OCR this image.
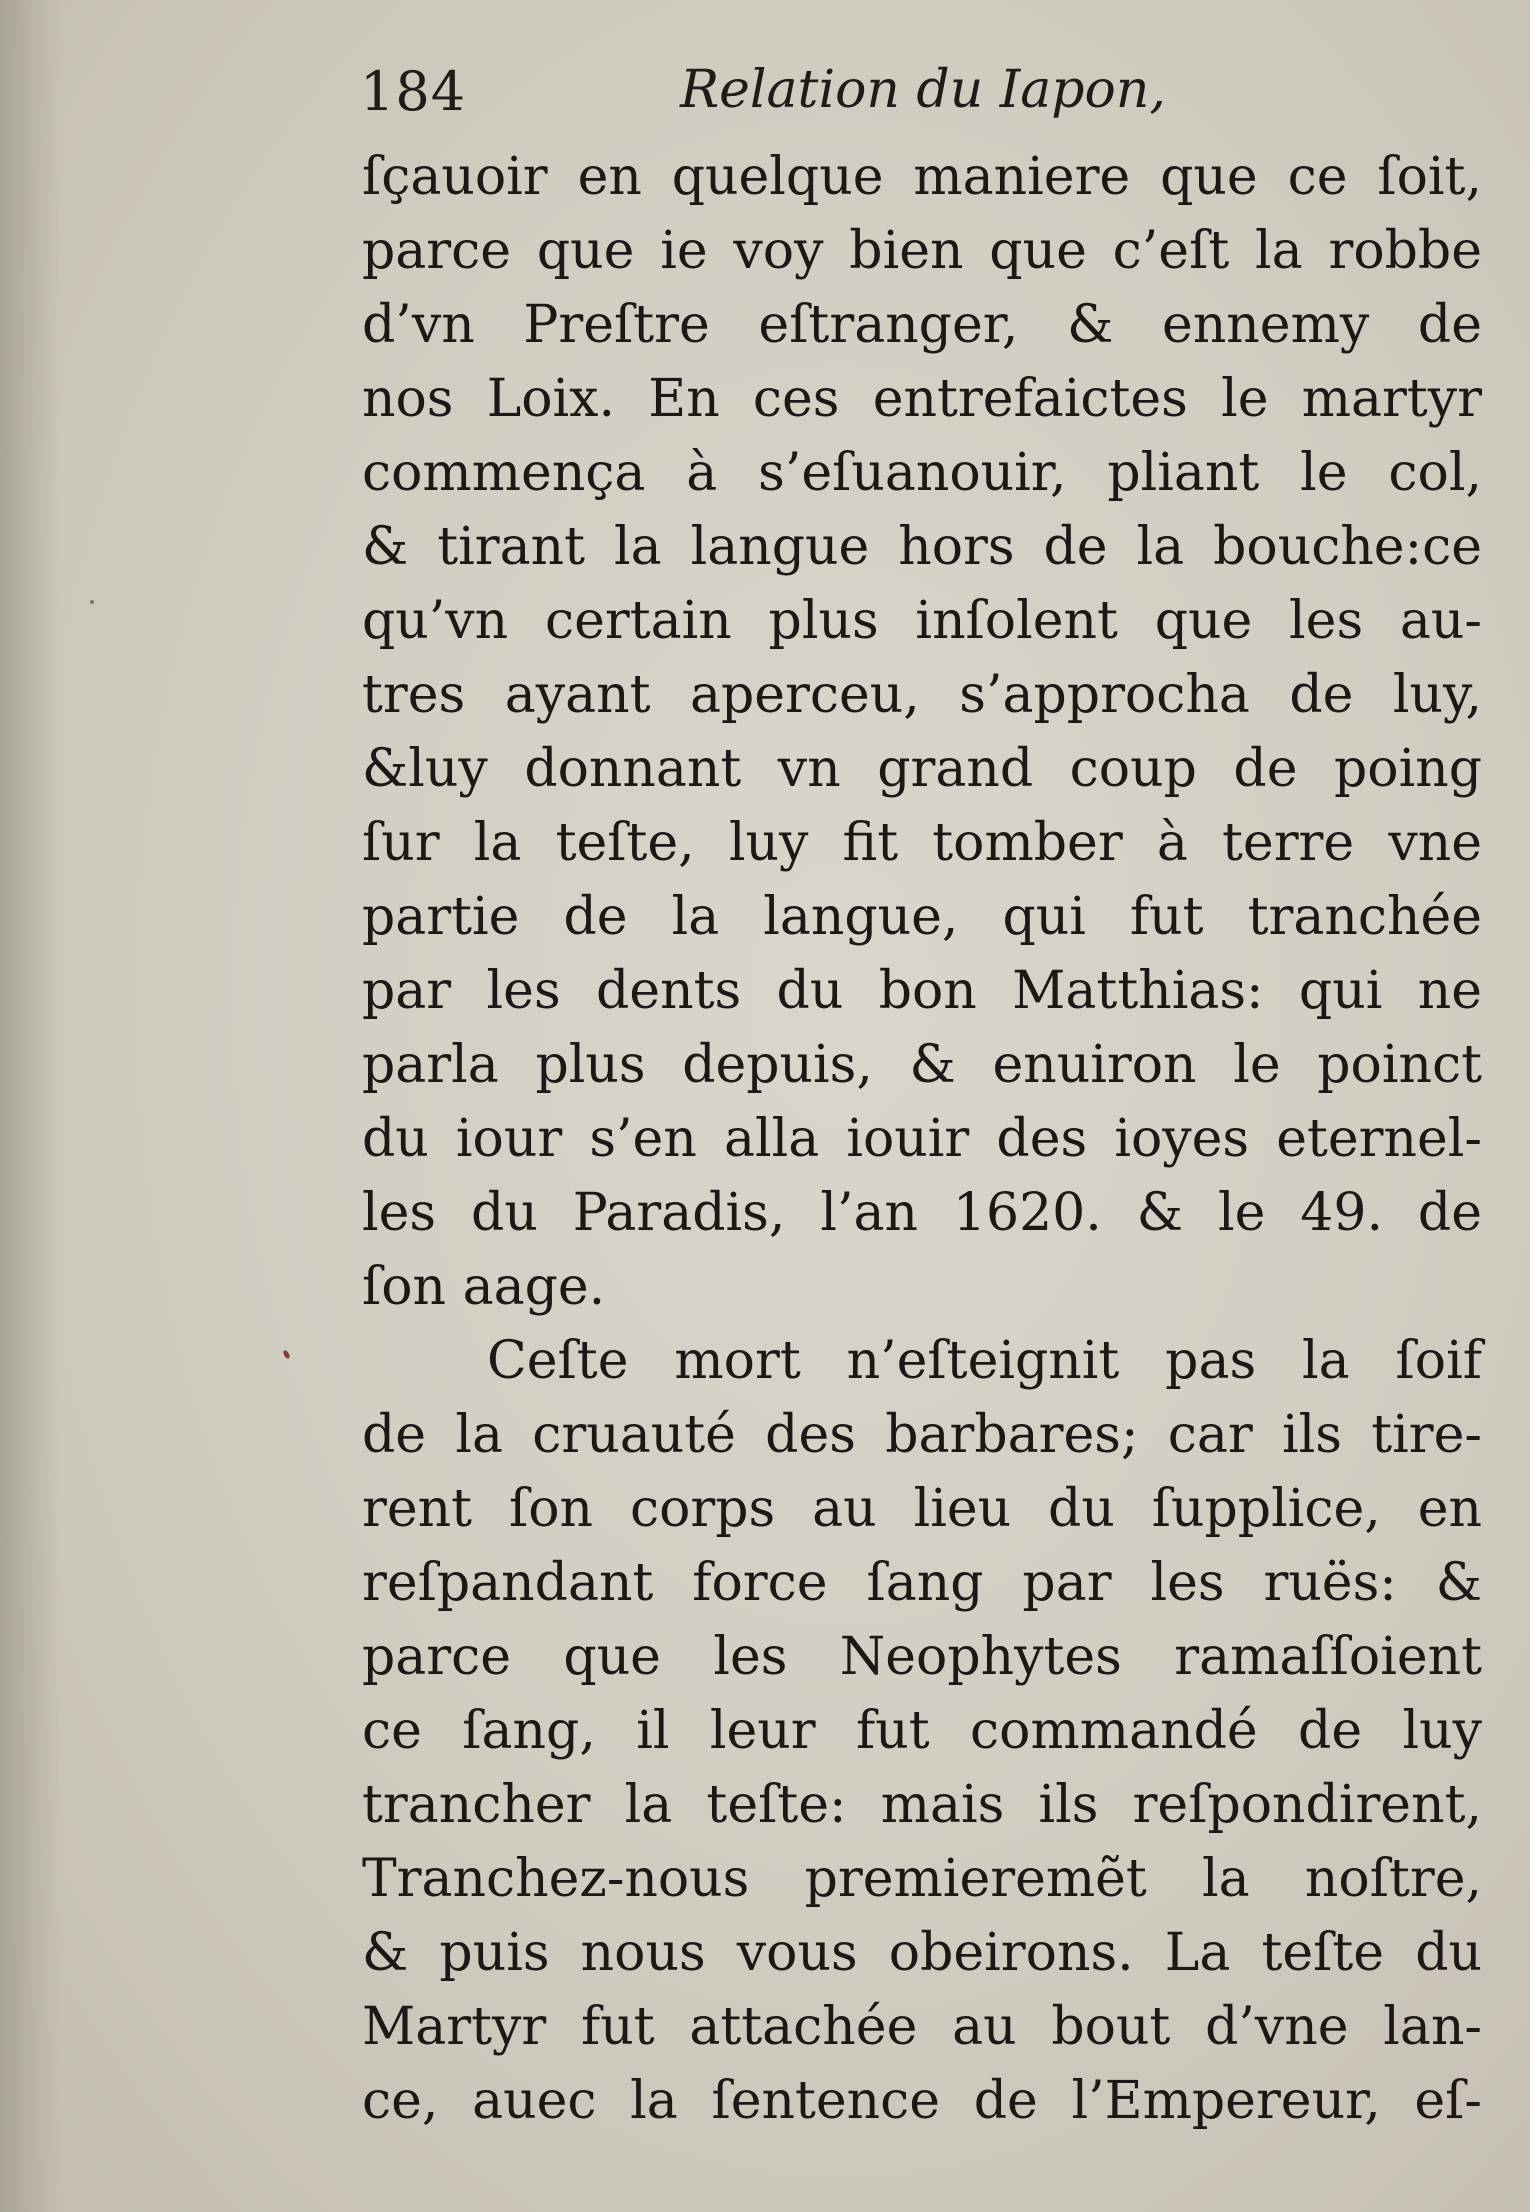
184	Relation du Iapon,
ſçauoir en quelque maniere que ce ſoit,
parce que ie voy bien que c’eſt la robbe
d’vn Preſtre eſtranger, & ennemy de
nos Loix. En ces entrefaictes le martyr
commença à s’eſuanouir, pliant le col,
& tirant la langue hors de la bouche:ce
qu’vn certain plus inſolent que les au-
tres ayant aperceu, s’approcha de luy,
&luy donnant vn grand coup de poing
ſur la teſte, luy fit tomber à terre vne
partie de la langue, qui fut tranchée
par les dents du bon Matthias: qui ne
parla plus depuis, & enuiron le poinct
du iour s’en alla iouir des ioyes eternel-
les du Paradis, l’an 1620. & le 49. de
ſon aage.
Ceſte mort n’eſteignit pas la ſoif
de la cruauté des barbares; car ils tire-
rent ſon corps au lieu du ſupplice, en
reſpandant force ſang par les ruës: &
parce que les Neophytes ramaſſoient
ce ſang, il leur fut commandé de luy
trancher la teſte: mais ils reſpondirent,
Tranchez-nous premieremẽt la noſtre,
& puis nous vous obeirons. La teſte du
Martyr fut attachée au bout d’vne lan-
ce, auec la ſentence de l’Empereur, eſ-
